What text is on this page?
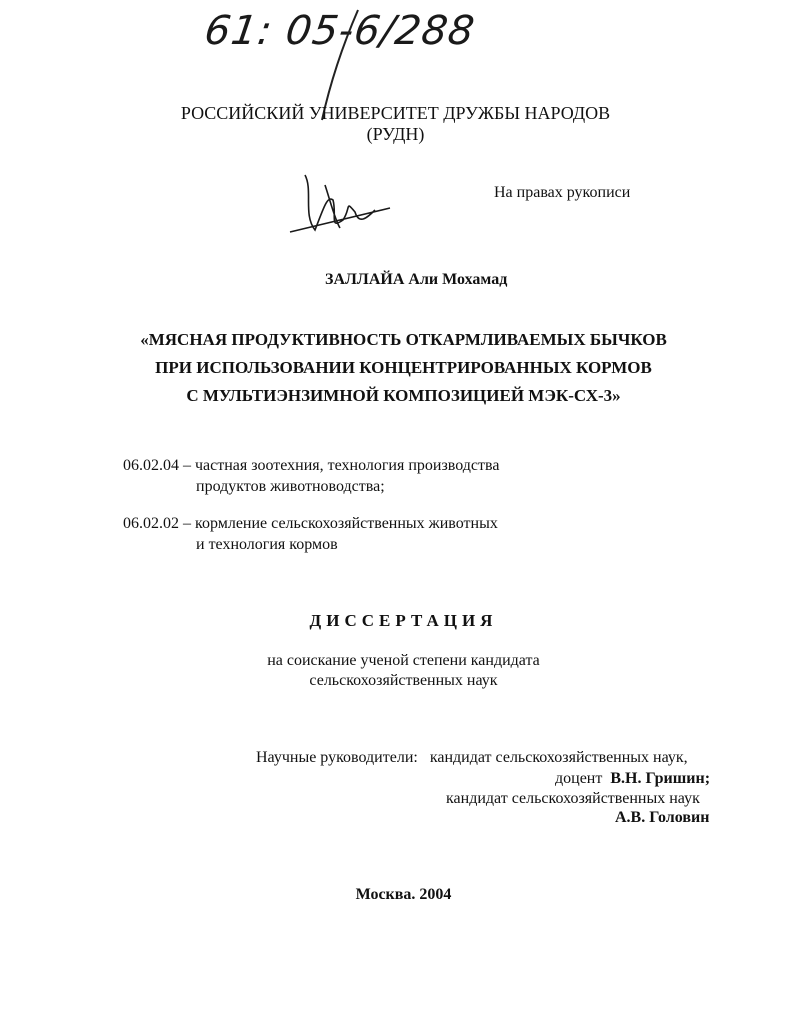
61: 05-6/288
РОССИЙСКИЙ УНИВЕРСИТЕТ ДРУЖБЫ НАРОДОВ
(РУДН)
На правах рукописи
ЗАЛЛАЙА Али Мохамад
«МЯСНАЯ ПРОДУКТИВНОСТЬ ОТКАРМЛИВАЕМЫХ БЫЧКОВ
ПРИ ИСПОЛЬЗОВАНИИ КОНЦЕНТРИРОВАННЫХ КОРМОВ
С МУЛЬТИЭНЗИМНОЙ КОМПОЗИЦИЕЙ МЭК-СХ-3»
06.02.04 – частная зоотехния, технология производства
продуктов животноводства;
06.02.02 – кормление сельскохозяйственных животных
и технология кормов
ДИССЕРТАЦИЯ
на соискание ученой степени кандидата
сельскохозяйственных наук
Научные руководители: кандидат сельскохозяйственных наук,
доцент В.Н. Гришин;
кандидат сельскохозяйственных наук
А.В. Головин
Москва. 2004
